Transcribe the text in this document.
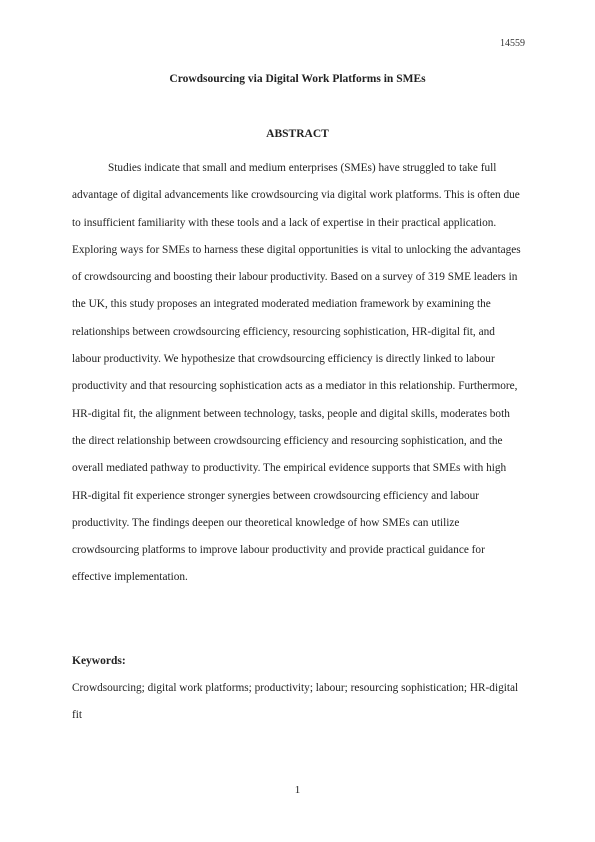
14559
Crowdsourcing via Digital Work Platforms in SMEs
ABSTRACT

Studies indicate that small and medium enterprises (SMEs) have struggled to take full advantage of digital advancements like crowdsourcing via digital work platforms. This is often due to insufficient familiarity with these tools and a lack of expertise in their practical application. Exploring ways for SMEs to harness these digital opportunities is vital to unlocking the advantages of crowdsourcing and boosting their labour productivity. Based on a survey of 319 SME leaders in the UK, this study proposes an integrated moderated mediation framework by examining the relationships between crowdsourcing efficiency, resourcing sophistication, HR-digital fit, and labour productivity. We hypothesize that crowdsourcing efficiency is directly linked to labour productivity and that resourcing sophistication acts as a mediator in this relationship. Furthermore, HR-digital fit, the alignment between technology, tasks, people and digital skills, moderates both the direct relationship between crowdsourcing efficiency and resourcing sophistication, and the overall mediated pathway to productivity. The empirical evidence supports that SMEs with high HR-digital fit experience stronger synergies between crowdsourcing efficiency and labour productivity. The findings deepen our theoretical knowledge of how SMEs can utilize crowdsourcing platforms to improve labour productivity and provide practical guidance for effective implementation.

Keywords:

Crowdsourcing; digital work platforms; productivity; labour; resourcing sophistication; HR-digital fit

1
